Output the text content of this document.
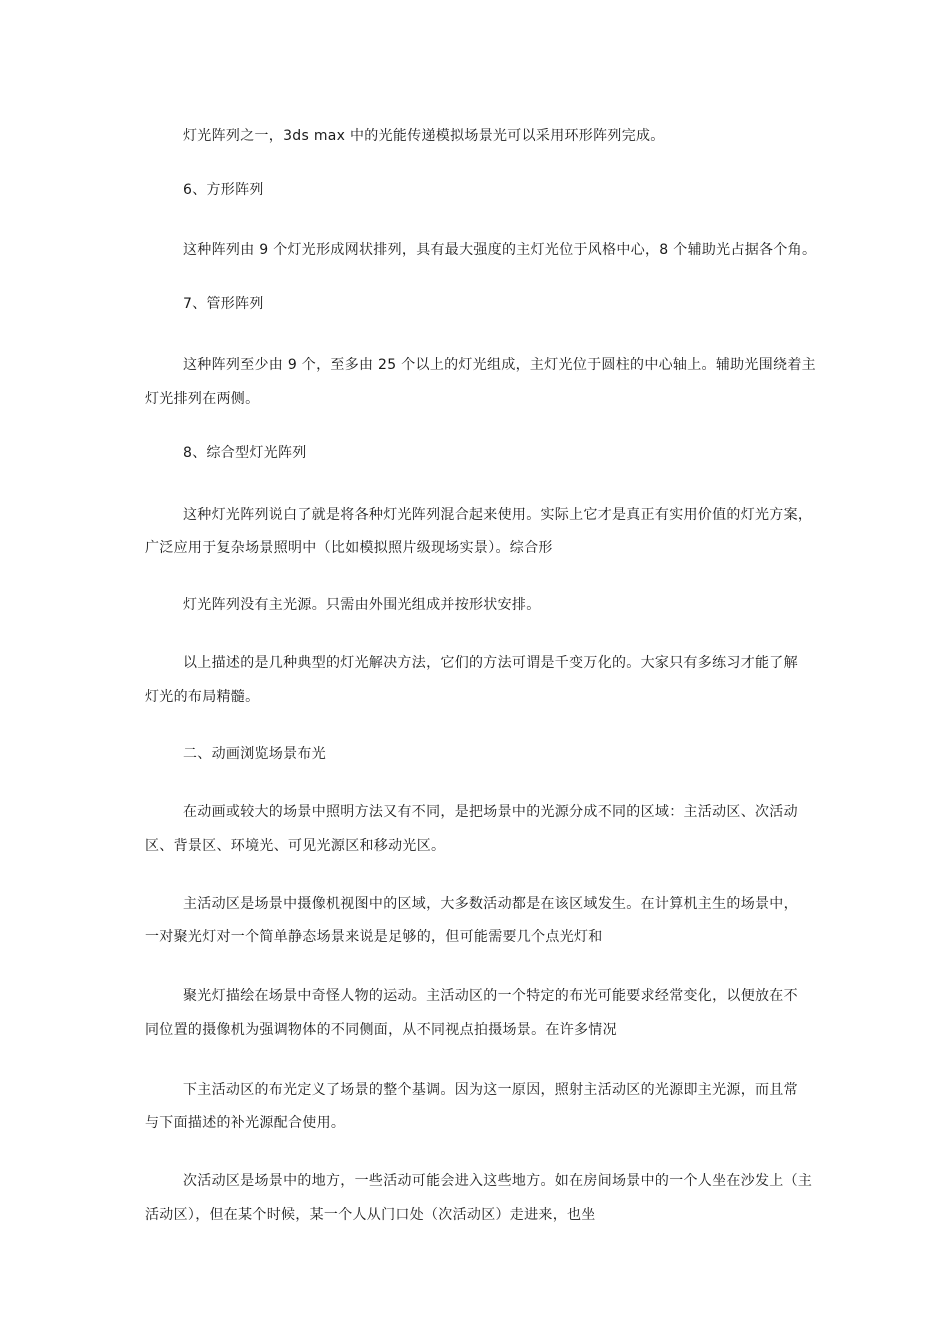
灯光阵列之一，3ds max 中的光能传递模拟场景光可以采用环形阵列完成。
6、方形阵列
这种阵列由 9 个灯光形成网状排列，具有最大强度的主灯光位于风格中心，8 个辅助光占据各个角。
7、管形阵列
这种阵列至少由 9 个，至多由 25 个以上的灯光组成，主灯光位于圆柱的中心轴上。辅助光围绕着主
灯光排列在两侧。
8、综合型灯光阵列
这种灯光阵列说白了就是将各种灯光阵列混合起来使用。实际上它才是真正有实用价值的灯光方案，
广泛应用于复杂场景照明中（比如模拟照片级现场实景）。综合形
灯光阵列没有主光源。只需由外围光组成并按形状安排。
以上描述的是几种典型的灯光解决方法，它们的方法可谓是千变万化的。大家只有多练习才能了解
灯光的布局精髓。
二、动画浏览场景布光
在动画或较大的场景中照明方法又有不同，是把场景中的光源分成不同的区域：主活动区、次活动
区、背景区、环境光、可见光源区和移动光区。
主活动区是场景中摄像机视图中的区域，大多数活动都是在该区域发生。在计算机主生的场景中，
一对聚光灯对一个简单静态场景来说是足够的，但可能需要几个点光灯和
聚光灯描绘在场景中奇怪人物的运动。主活动区的一个特定的布光可能要求经常变化，以便放在不
同位置的摄像机为强调物体的不同侧面，从不同视点拍摄场景。在许多情况
下主活动区的布光定义了场景的整个基调。因为这一原因，照射主活动区的光源即主光源，而且常
与下面描述的补光源配合使用。
次活动区是场景中的地方，一些活动可能会进入这些地方。如在房间场景中的一个人坐在沙发上（主
活动区），但在某个时候，某一个人从门口处（次活动区）走进来，也坐
